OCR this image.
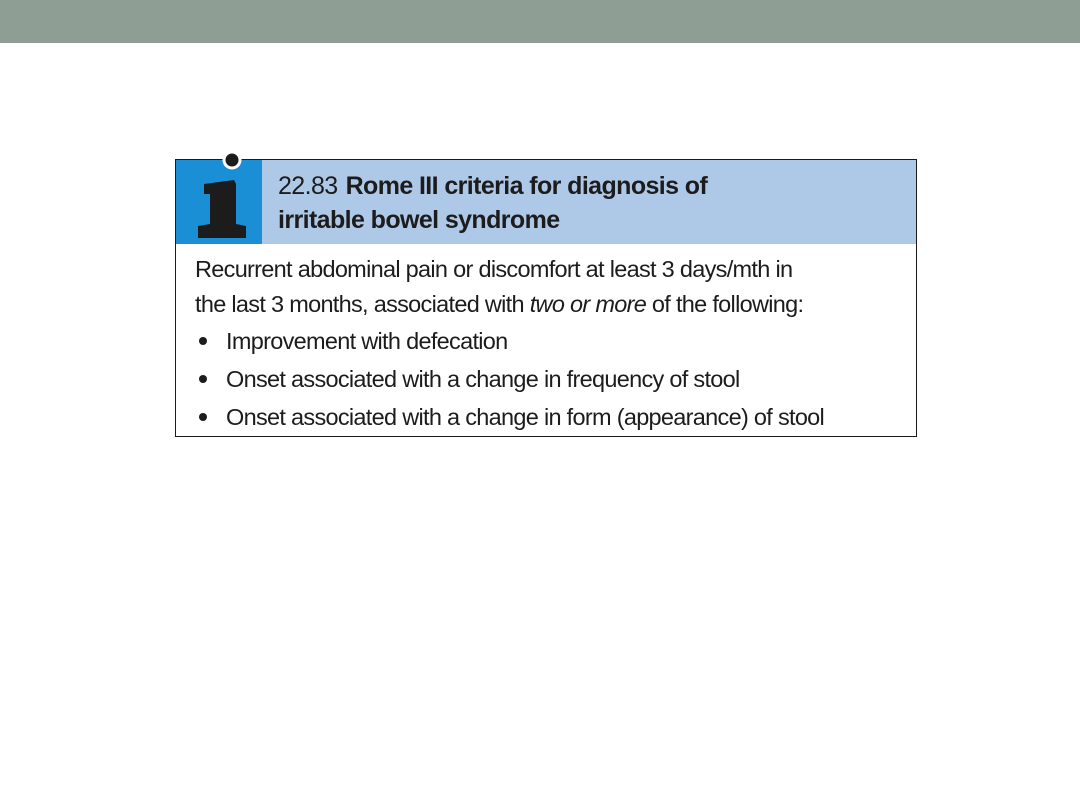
22.83 Rome III criteria for diagnosis of
irritable bowel syndrome
Recurrent abdominal pain or discomfort at least 3 days/mth in
the last 3 months, associated with two or more of the following:
Improvement with defecation
Onset associated with a change in frequency of stool
Onset associated with a change in form (appearance) of stool
